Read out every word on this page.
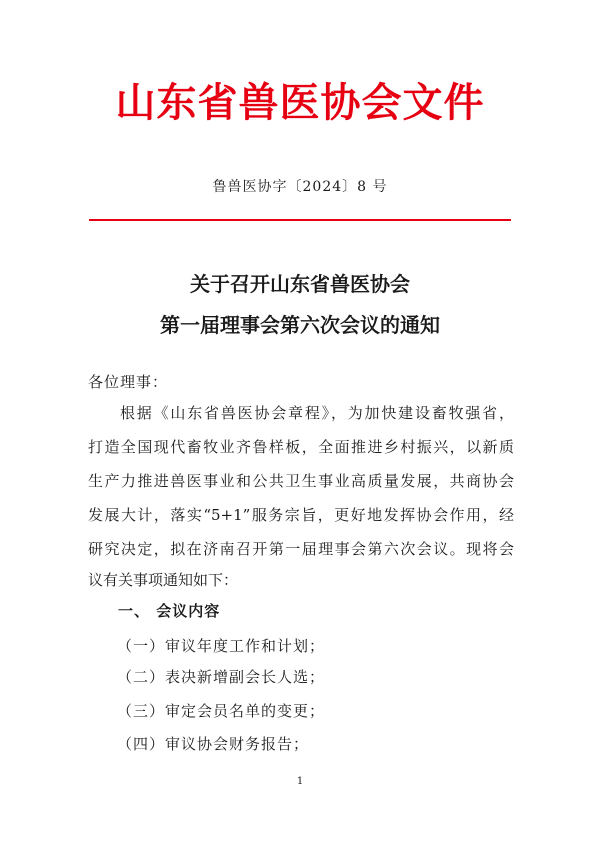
山东省兽医协会文件
鲁兽医协字〔2024〕8 号
关于召开山东省兽医协会
第一届理事会第六次会议的通知
各位理事：
根据《山东省兽医协会章程》，为加快建设畜牧强省，
打造全国现代畜牧业齐鲁样板，全面推进乡村振兴，以新质
生产力推进兽医事业和公共卫生事业高质量发展，共商协会
发展大计，落实“5+1”服务宗旨，更好地发挥协会作用，经
研究决定，拟在济南召开第一届理事会第六次会议。现将会
议有关事项通知如下：
一、 会议内容
（一）审议年度工作和计划；
（二）表决新增副会长人选；
（三）审定会员名单的变更；
（四）审议协会财务报告；
1
